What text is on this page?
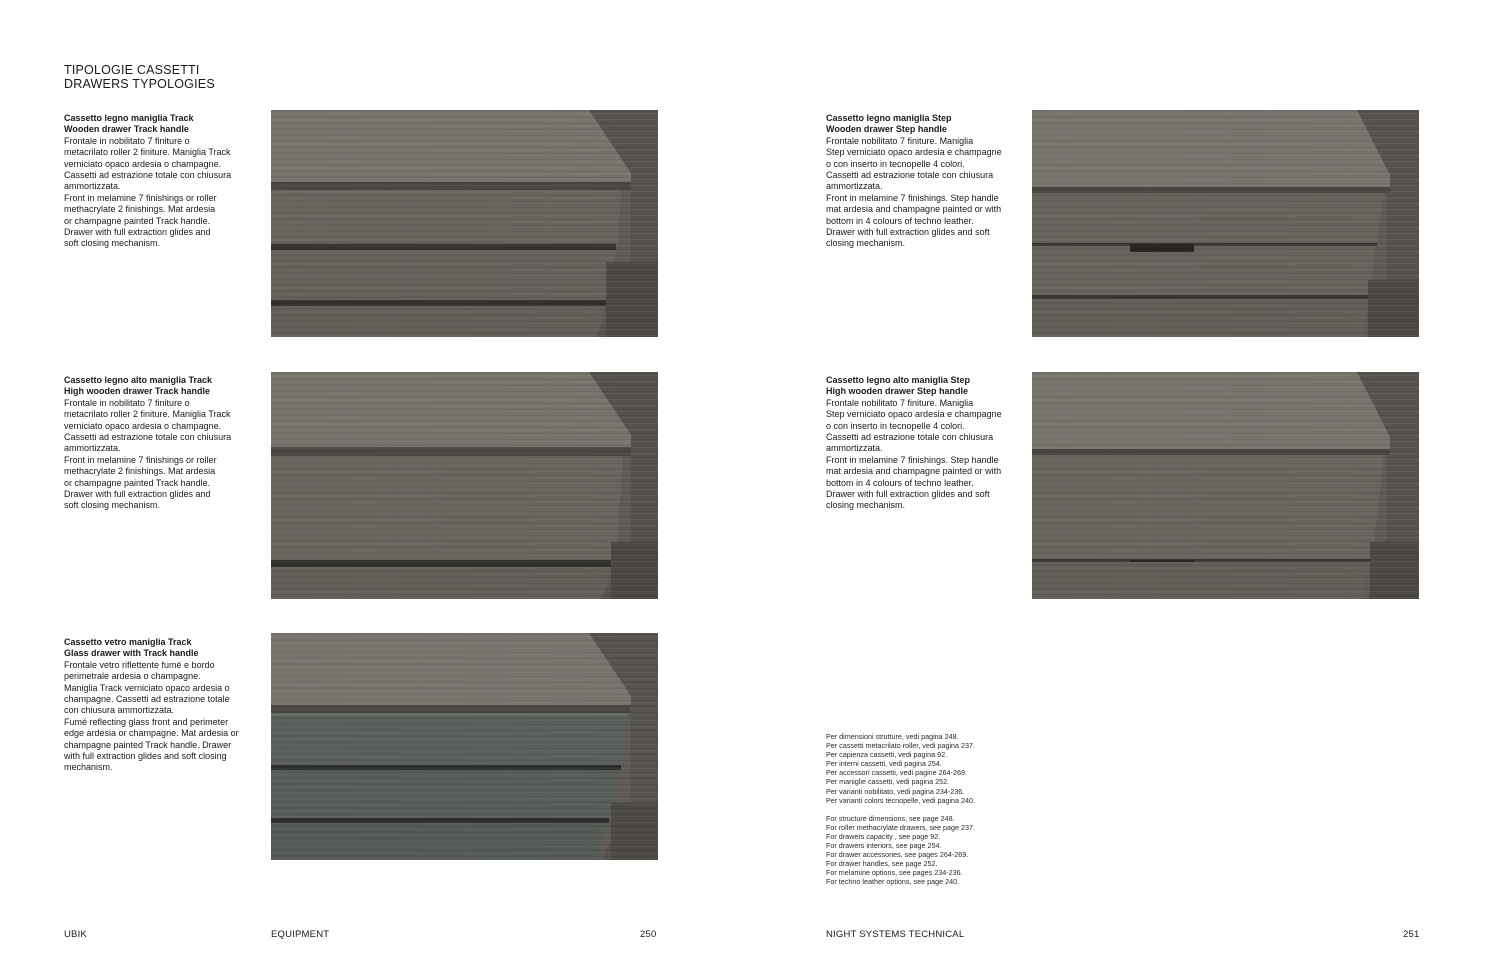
TIPOLOGIE CASSETTI
DRAWERS TYPOLOGIES
Cassetto legno maniglia Track
Wooden drawer Track handle
Frontale in nobilitato 7 finiture o
metacrilato roller 2 finiture. Maniglia Track
verniciato opaco ardesia o champagne.
Cassetti ad estrazione totale con chiusura
ammortizzata.
Front in melamine 7 finishings or roller
methacrylate 2 finishings. Mat ardesia
or champagne painted Track handle.
Drawer with full extraction glides and
soft closing mechanism.
Cassetto legno alto maniglia Track
High wooden drawer Track handle
Frontale in nobilitato 7 finiture o
metacrilato roller 2 finiture. Maniglia Track
verniciato opaco ardesia o champagne.
Cassetti ad estrazione totale con chiusura
ammortizzata.
Front in melamine 7 finishings or roller
methacrylate 2 finishings. Mat ardesia
or champagne painted Track handle.
Drawer with full extraction glides and
soft closing mechanism.
Cassetto vetro maniglia Track
Glass drawer with Track handle
Frontale vetro riflettente fumé e bordo
perimetrale ardesia o champagne.
Maniglia Track verniciato opaco ardesia o
champagne. Cassetti ad estrazione totale
con chiusura ammortizzata.
Fumé reflecting glass front and perimeter
edge ardesia or champagne. Mat ardesia or
champagne painted Track handle. Drawer
with full extraction glides and soft closing
mechanism.
Cassetto legno maniglia Step
Wooden drawer Step handle
Frontale nobilitato 7 finiture. Maniglia
Step verniciato opaco ardesia e champagne
o con inserto in tecnopelle 4 colori.
Cassetti ad estrazione totale con chiusura
ammortizzata.
Front in melamine 7 finishings. Step handle
mat ardesia and champagne painted or with
bottom in 4 colours of techno leather.
Drawer with full extraction glides and soft
closing mechanism.
Cassetto legno alto maniglia Step
High wooden drawer Step handle
Frontale nobilitato 7 finiture. Maniglia
Step verniciato opaco ardesia e champagne
o con inserto in tecnopelle 4 colori.
Cassetti ad estrazione totale con chiusura
ammortizzata.
Front in melamine 7 finishings. Step handle
mat ardesia and champagne painted or with
bottom in 4 colours of techno leather.
Drawer with full extraction glides and soft
closing mechanism.
Per dimensioni strutture, vedi pagina 248.
Per cassetti metacrilato roller, vedi pagina 237.
Per capienza cassetti, vedi pagina 92.
Per interni cassetti, vedi pagina 254.
Per accessori cassetti, vedi pagine 264-269.
Per maniglie cassetti, vedi pagina 252.
Per varianti nobilitato, vedi pagina 234-236.
Per varianti colors tecnopelle, vedi pagina 240.
For structure dimensions, see page 248.
For roller methacrylate drawers, see page 237.
For drawers capacity , see page 92.
For drawers interiors, see page 254.
For drawer accessories, see pages 264-269.
For drawer handles, see page 252.
For melamine options, see pages 234-236.
For techno leather options, see page 240.
UBIK	EQUIPMENT	250	NIGHT SYSTEMS TECHNICAL	251
